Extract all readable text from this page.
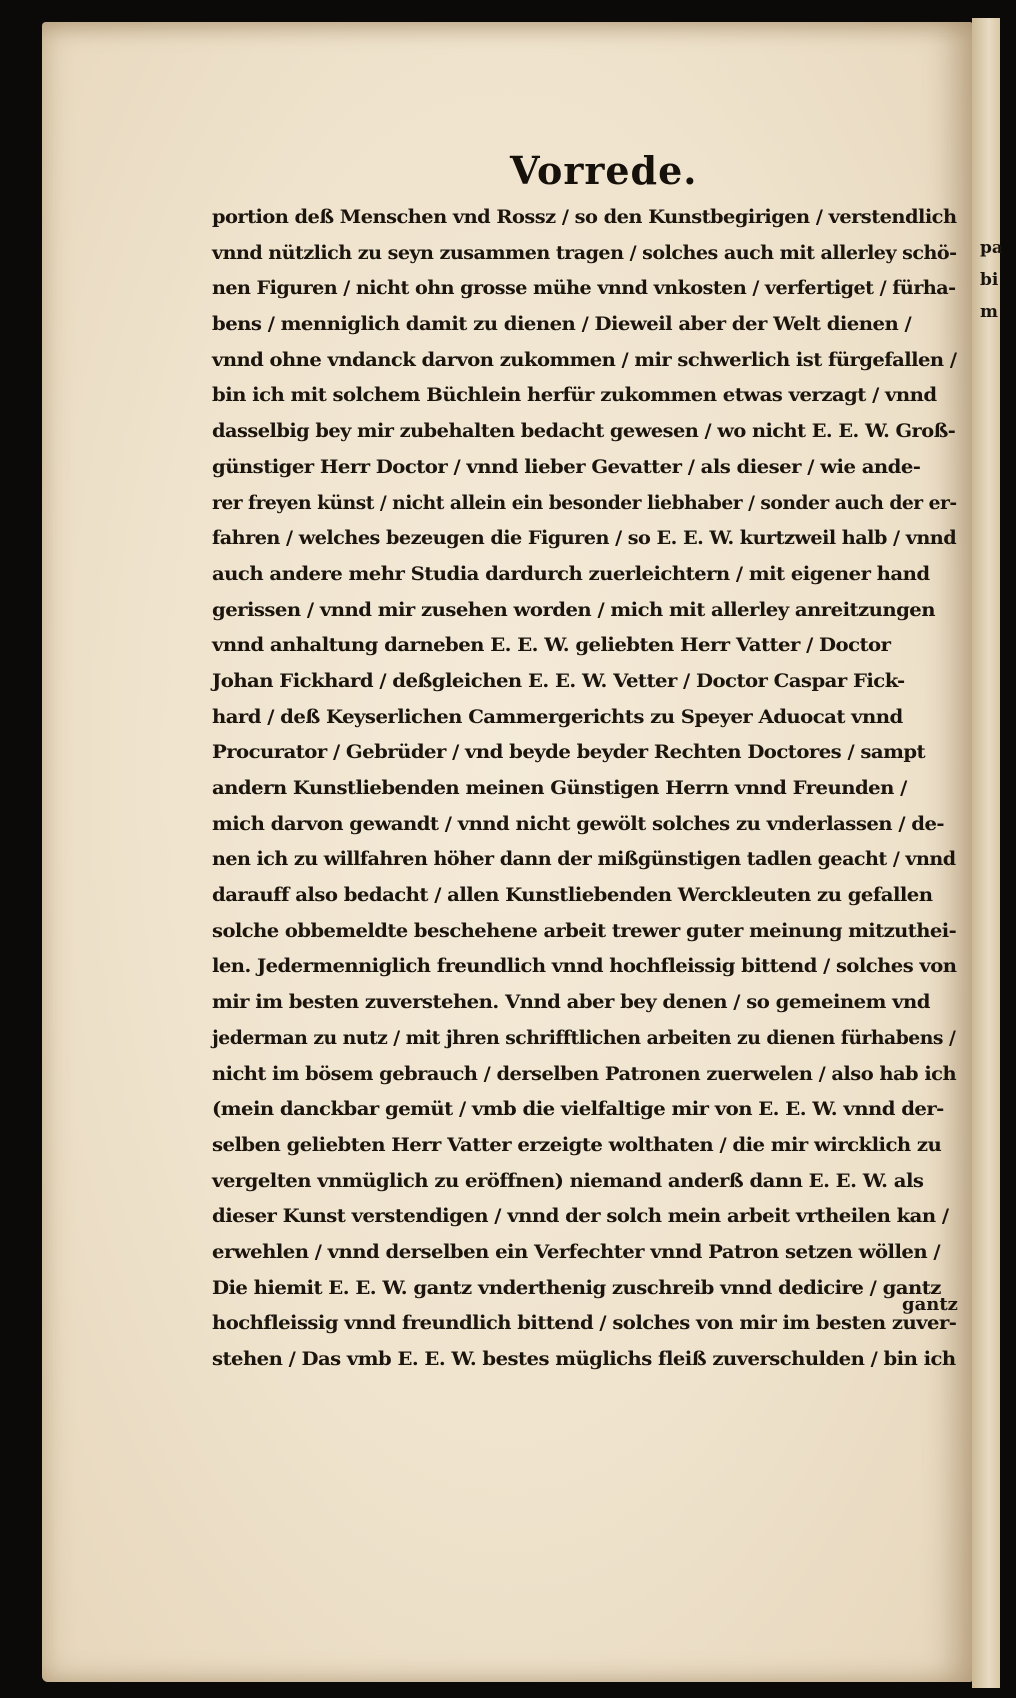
pa
bi
m
Vorrede.
portion deß Menschen vnd Rossz / so den Kunstbegirigen / verstendlich
vnnd nützlich zu seyn zusammen tragen / solches auch mit allerley schö-
nen Figuren / nicht ohn grosse mühe vnnd vnkosten / verfertiget / fürha-
bens / menniglich damit zu dienen / Dieweil aber der Welt dienen /
vnnd ohne vndanck darvon zukommen / mir schwerlich ist fürgefallen /
bin ich mit solchem Büchlein herfür zukommen etwas verzagt / vnnd
dasselbig bey mir zubehalten bedacht gewesen / wo nicht E. E. W. Groß-
günstiger Herr Doctor / vnnd lieber Gevatter / als dieser / wie ande-
rer freyen künst / nicht allein ein besonder liebhaber / sonder auch der er-
fahren / welches bezeugen die Figuren / so E. E. W. kurtzweil halb / vnnd
auch andere mehr Studia dardurch zuerleichtern / mit eigener hand
gerissen / vnnd mir zusehen worden / mich mit allerley anreitzungen
vnnd anhaltung darneben E. E. W. geliebten Herr Vatter / Doctor
Johan Fickhard / deßgleichen E. E. W. Vetter / Doctor Caspar Fick-
hard / deß Keyserlichen Cammergerichts zu Speyer Aduocat vnnd
Procurator / Gebrüder / vnd beyde beyder Rechten Doctores / sampt
andern Kunstliebenden meinen Günstigen Herrn vnnd Freunden /
mich darvon gewandt / vnnd nicht gewölt solches zu vnderlassen / de-
nen ich zu willfahren höher dann der mißgünstigen tadlen geacht / vnnd
darauff also bedacht / allen Kunstliebenden Werckleuten zu gefallen
solche obbemeldte beschehene arbeit trewer guter meinung mitzuthei-
len. Jedermenniglich freundlich vnnd hochfleissig bittend / solches von
mir im besten zuverstehen. Vnnd aber bey denen / so gemeinem vnd
jederman zu nutz / mit jhren schrifftlichen arbeiten zu dienen fürhabens /
nicht im bösem gebrauch / derselben Patronen zuerwelen / also hab ich
(mein danckbar gemüt / vmb die vielfaltige mir von E. E. W. vnnd der-
selben geliebten Herr Vatter erzeigte wolthaten / die mir wircklich zu
vergelten vnmüglich zu eröffnen) niemand anderß dann E. E. W. als
dieser Kunst verstendigen / vnnd der solch mein arbeit vrtheilen kan /
erwehlen / vnnd derselben ein Verfechter vnnd Patron setzen wöllen /
Die hiemit E. E. W. gantz vnderthenig zuschreib vnnd dedicire / gantz
hochfleissig vnnd freundlich bittend / solches von mir im besten zuver-
stehen / Das vmb E. E. W. bestes müglichs fleiß zuverschulden / bin ich
gantz
